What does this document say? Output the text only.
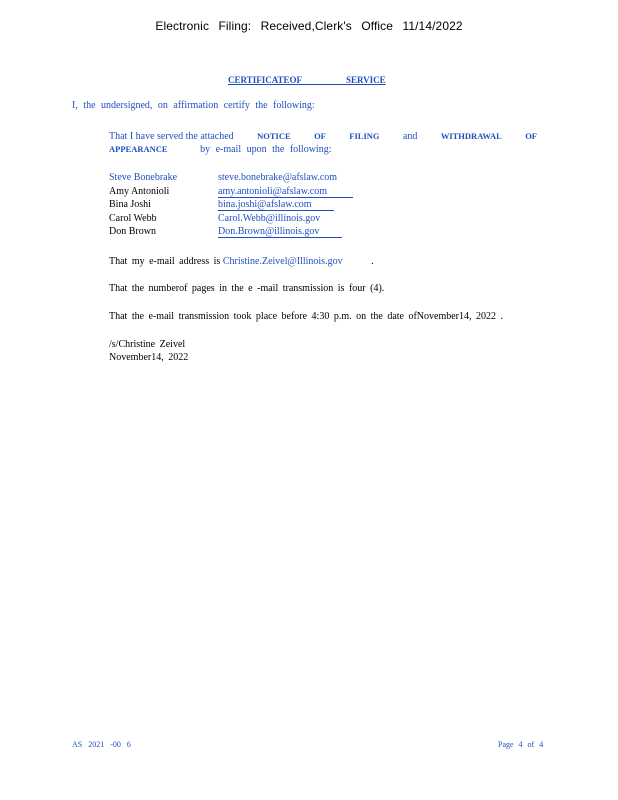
Electronic Filing: Received,Clerk's Office 11/14/2022
CERTIFICATEOF SERVICE
I, the undersigned, on affirmation certify the following:
That I have served the attached	NOTICE	OF	FILING and	WITHDRAWAL	OF
APPEARANCE	by e-mail upon the following:
Steve Bonebrake	steve.bonebrake@afslaw.com
Amy Antonioli	amy.antonioli@afslaw.com
Bina Joshi	bina.joshi@afslaw.com
Carol Webb	Carol.Webb@illinois.gov
Don Brown	Don.Brown@illinois.gov
That my e-mail address is Christine.Zeivel@Illinois.gov	.
That the numberof pages in the e -mail transmission is four (4).
That the e-mail transmission took place before 4:30 p.m. on the date ofNovember14, 2022 .
/s/Christine Zeivel
November14, 2022
AS 2021 -00 6	Page 4 of 4
